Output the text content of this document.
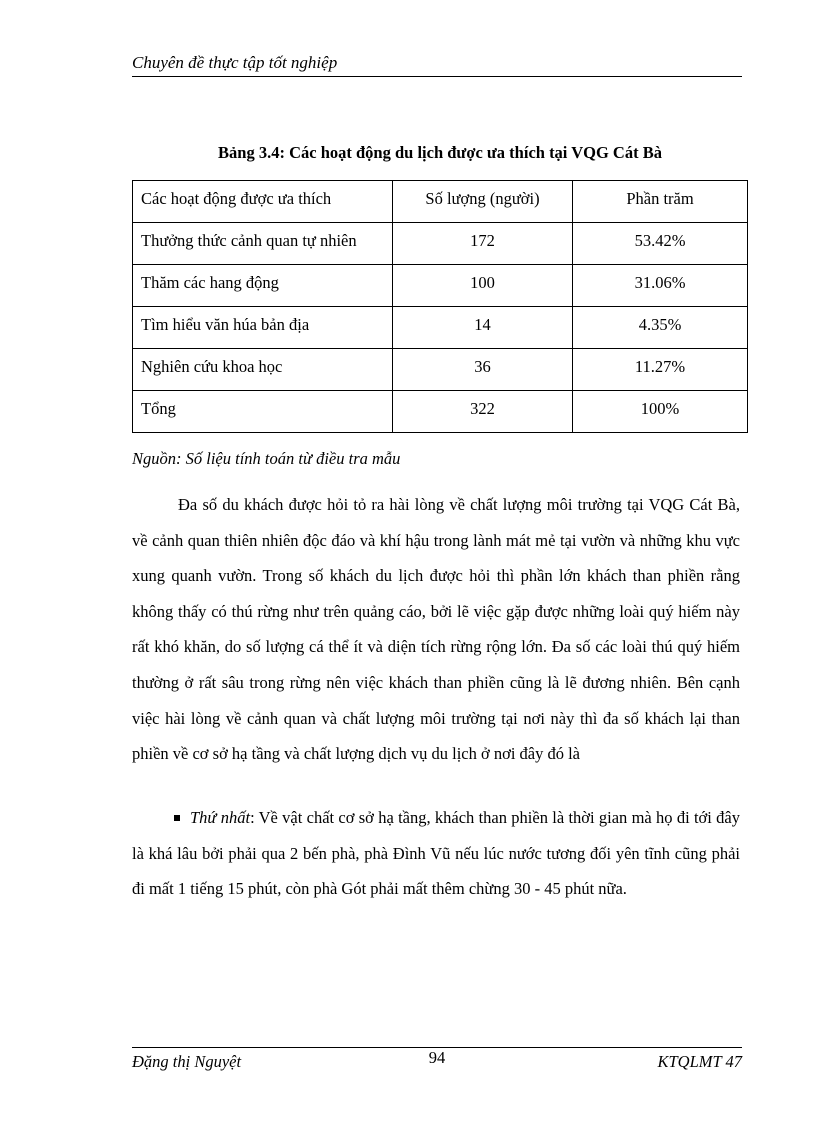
Chuyên đề thực tập tốt nghiệp
Bảng 3.4: Các hoạt động du lịch được ưa thích tại VQG Cát Bà
Các hoạt động được ưa thích	Số lượng (người)	Phần trăm
Thưởng thức cảnh quan tự nhiên	172	53.42%
Thăm các hang động	100	31.06%
Tìm hiểu văn húa bản địa	14	4.35%
Nghiên cứu khoa học	36	11.27%
Tổng	322	100%
Nguồn: Số liệu tính toán từ điều tra mẫu

Đa số du khách được hỏi tỏ ra hài lòng về chất lượng môi trường tại VQG Cát Bà, về cảnh quan thiên nhiên độc đáo và khí hậu trong lành mát mẻ tại vườn và những khu vực xung quanh vườn. Trong số khách du lịch được hỏi thì phần lớn khách than phiền rằng không thấy có thú rừng như trên quảng cáo, bởi lẽ việc gặp được những loài quý hiếm này rất khó khăn, do số lượng cá thể ít và diện tích rừng rộng lớn. Đa số các loài thú quý hiếm thường ở rất sâu trong rừng nên việc khách than phiền cũng là lẽ đương nhiên. Bên cạnh việc hài lòng về cảnh quan và chất lượng môi trường tại nơi này thì đa số khách lại than phiền về cơ sở hạ tầng và chất lượng dịch vụ du lịch ở nơi đây đó là

Thứ nhất: Về vật chất cơ sở hạ tầng, khách than phiền là thời gian mà họ đi tới đây là khá lâu bởi phải qua 2 bến phà, phà Đình Vũ nếu lúc nước tương đối yên tĩnh cũng phải đi mất 1 tiếng 15 phút, còn phà Gót phải mất thêm chừng 30 - 45 phút nữa.

Đặng thị Nguyệt	94	KTQLMT 47
